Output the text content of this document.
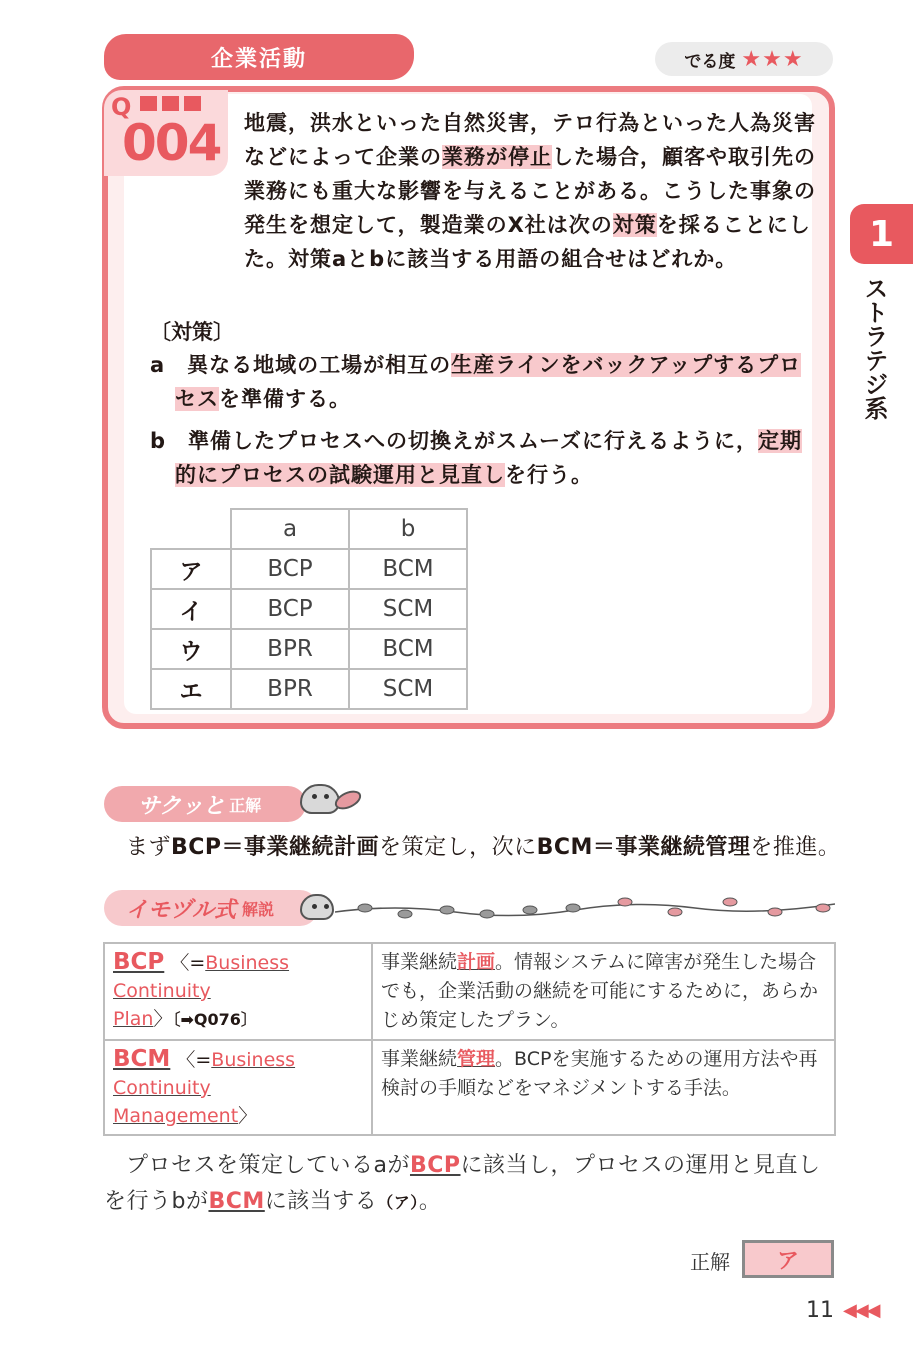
企業活動	でる度 ★★★
Q
004 地震，洪水といった自然災害，テロ行為といった人為災害などによって企業の業務が停止した場合，顧客や取引先の業務にも重大な影響を与えることがある。こうした事象の発生を想定して，製造業のX社は次の対策を採ることにした。対策aとbに該当する用語の組合せはどれか。
〔対策〕
a　 異なる地域の工場が相互の生産ラインをバックアップするプロセスを準備する。
b　 準備したプロセスへの切換えがスムーズに行えるように，定期的にプロセスの試験運用と見直しを行う。
	a	b
ア	BCP	BCM
イ	BCP	SCM
ウ	BPR	BCM
エ	BPR	SCM
1
ストラテジ系
サクッと 正解
まずBCP＝事業継続計画を策定し，次にBCM＝事業継続管理を推進。
イモヅル式 解説
BCP 〈=Business Continuity
Plan〉〔➡Q076〕	事業継続計画。情報システムに障害が発生した場合でも，企業活動の継続を可能にするために，あらかじめ策定したプラン。
BCM 〈=Business Continuity
Management〉	事業継続管理。BCPを実施するための運用方法や再検討の手順などをマネジメントする手法。
プロセスを策定しているaがBCPに該当し，プロセスの運用と見直しを行うbがBCMに該当する（ア）。
正解 ア
11 ◀◀◀
